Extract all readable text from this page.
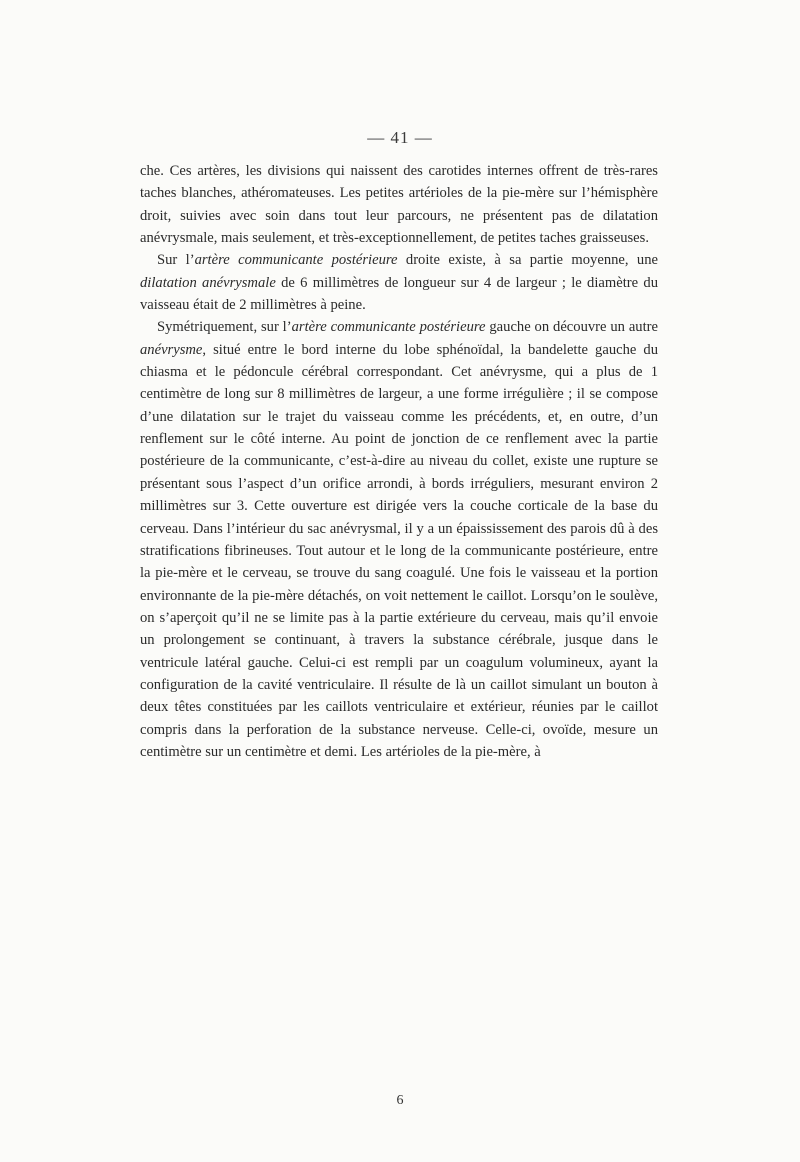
— 41 —

che. Ces artères, les divisions qui naissent des carotides internes offrent de très-rares taches blanches, athéromateuses. Les petites artérioles de la pie-mère sur l’hémisphère droit, suivies avec soin dans tout leur parcours, ne présentent pas de dilatation anévrysmale, mais seulement, et très-exceptionnellement, de petites taches graisseuses.

Sur l’artère communicante postérieure droite existe, à sa partie moyenne, une dilatation anévrysmale de 6 millimètres de longueur sur 4 de largeur ; le diamètre du vaisseau était de 2 millimètres à peine.

Symétriquement, sur l’artère communicante postérieure gauche on découvre un autre anévrysme, situé entre le bord interne du lobe sphénoïdal, la bandelette gauche du chiasma et le pédoncule cérébral correspondant. Cet anévrysme, qui a plus de 1 centimètre de long sur 8 millimètres de largeur, a une forme irrégulière ; il se compose d’une dilatation sur le trajet du vaisseau comme les précédents, et, en outre, d’un renflement sur le côté interne. Au point de jonction de ce renflement avec la partie postérieure de la communicante, c’est-à-dire au niveau du collet, existe une rupture se présentant sous l’aspect d’un orifice arrondi, à bords irréguliers, mesurant environ 2 millimètres sur 3. Cette ouverture est dirigée vers la couche corticale de la base du cerveau. Dans l’intérieur du sac anévrysmal, il y a un épaississement des parois dû à des stratifications fibrineuses. Tout autour et le long de la communicante postérieure, entre la pie-mère et le cerveau, se trouve du sang coagulé. Une fois le vaisseau et la portion environnante de la pie-mère détachés, on voit nettement le caillot. Lorsqu’on le soulève, on s’aperçoit qu’il ne se limite pas à la partie extérieure du cerveau, mais qu’il envoie un prolongement se continuant, à travers la substance cérébrale, jusque dans le ventricule latéral gauche. Celui-ci est rempli par un coagulum volumineux, ayant la configuration de la cavité ventriculaire. Il résulte de là un caillot simulant un bouton à deux têtes constituées par les caillots ventriculaire et extérieur, réunies par le caillot compris dans la perforation de la substance nerveuse. Celle-ci, ovoïde, mesure un centimètre sur un centimètre et demi. Les artérioles de la pie-mère, à

6
